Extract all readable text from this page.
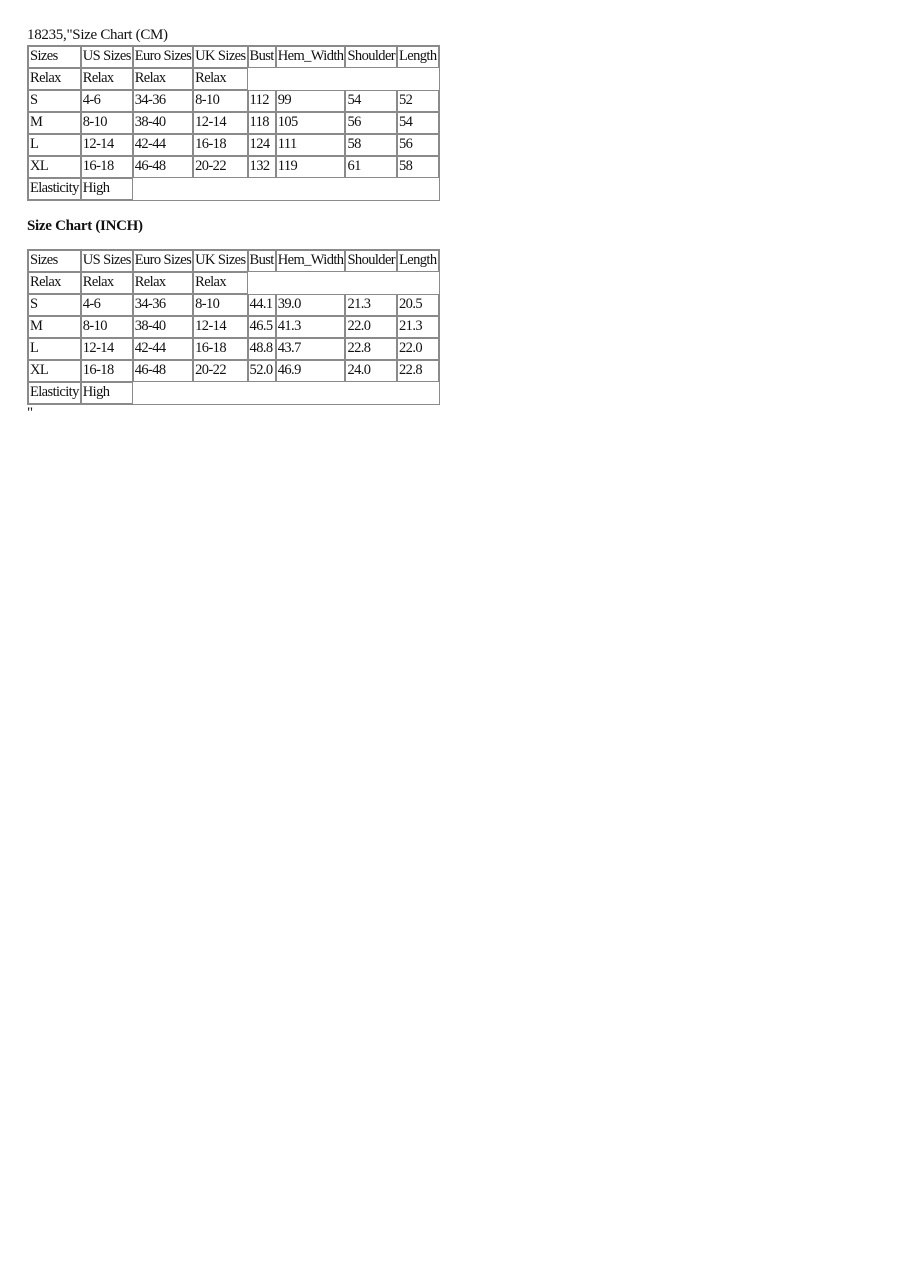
18235,"Size Chart (CM)
Sizes	US Sizes	Euro Sizes	UK Sizes	Bust	Hem_Width	Shoulder	Length
Relax	Relax	Relax	Relax				
S	4-6	34-36	8-10	112	99	54	52
M	8-10	38-40	12-14	118	105	56	54
L	12-14	42-44	16-18	124	111	58	56
XL	16-18	46-48	20-22	132	119	61	58
Elasticity	High						
Size Chart (INCH)
Sizes	US Sizes	Euro Sizes	UK Sizes	Bust	Hem_Width	Shoulder	Length
Relax	Relax	Relax	Relax				
S	4-6	34-36	8-10	44.1	39.0	21.3	20.5
M	8-10	38-40	12-14	46.5	41.3	22.0	21.3
L	12-14	42-44	16-18	48.8	43.7	22.8	22.0
XL	16-18	46-48	20-22	52.0	46.9	24.0	22.8
Elasticity	High						
"
